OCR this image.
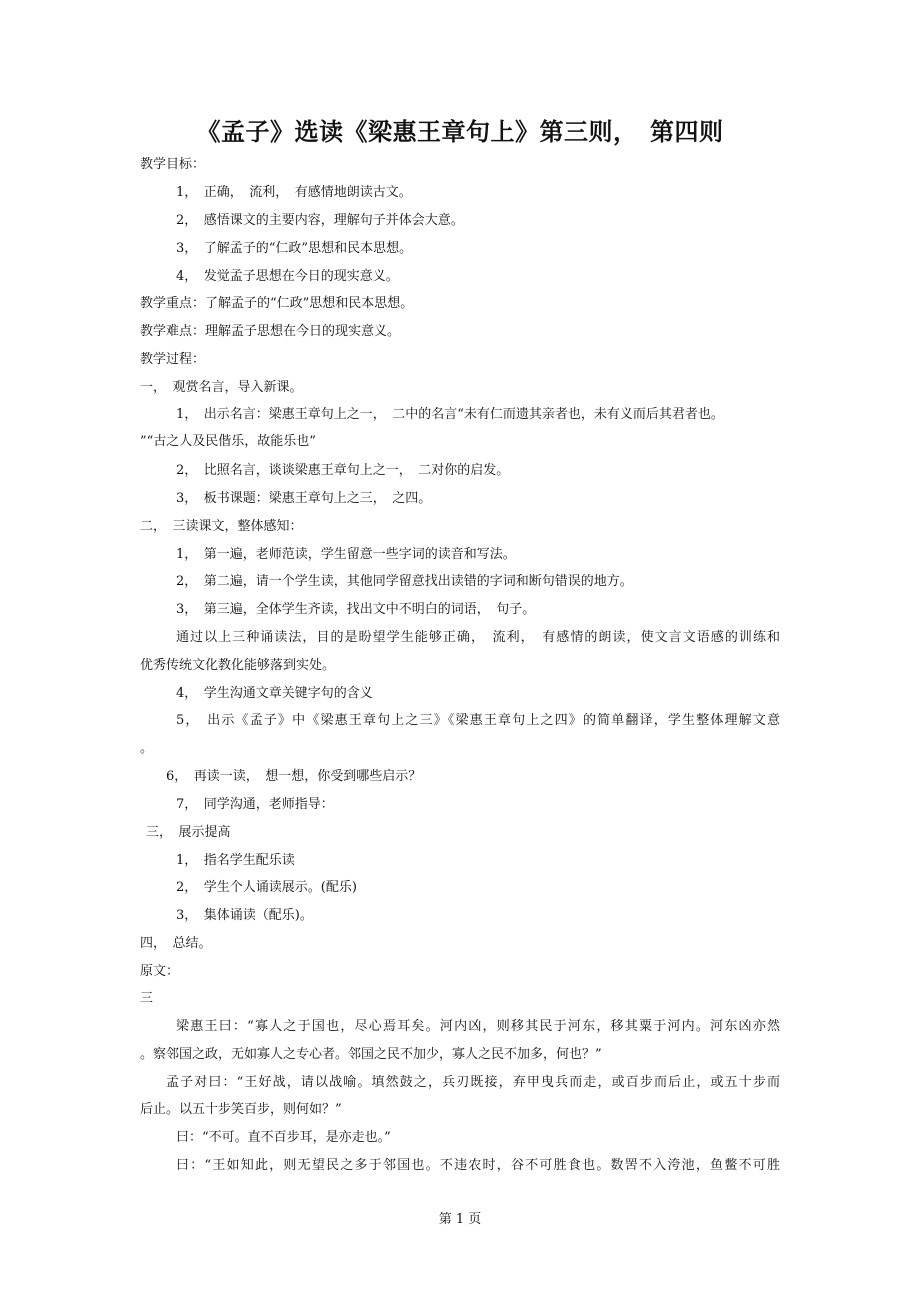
《孟子》选读《梁惠王章句上》第三则，　第四则
教学目标：
1，　正确，　流利，　有感情地朗读古文。
2，　感悟课文的主要内容，理解句子并体会大意。
3，　了解孟子的“仁政”思想和民本思想。
4，　发觉孟子思想在今日的现实意义。
教学重点：了解孟子的“仁政”思想和民本思想。
教学难点：理解孟子思想在今日的现实意义。
教学过程：
一，　观赏名言，导入新课。
1，　出示名言：梁惠王章句上之一，　二中的名言“未有仁而遗其亲者也，未有义而后其君者也。
”“古之人及民偕乐，故能乐也”
2，　比照名言，谈谈梁惠王章句上之一，　二对你的启发。
3，　板书课题：梁惠王章句上之三，　之四。
二，　三读课文，整体感知：
1，　第一遍，老师范读，学生留意一些字词的读音和写法。
2，　第二遍，请一个学生读，其他同学留意找出读错的字词和断句错误的地方。
3，　第三遍，全体学生齐读，找出文中不明白的词语，　句子。
通过以上三种诵读法，目的是盼望学生能够正确，　流利，　有感情的朗读，使文言文语感的训练和
优秀传统文化教化能够落到实处。
4，　学生沟通文章关键字句的含义
5，　出示《孟子》中《梁惠王章句上之三》《梁惠王章句上之四》的简单翻译，学生整体理解文意
。
6，　再读一读，　想一想，你受到哪些启示？
7，　同学沟通，老师指导：
三，　展示提高
1，　指名学生配乐读
2，　学生个人诵读展示。(配乐)
3，　集体诵读（配乐)。
四，　总结。
原文：
三
梁惠王曰：“寡人之于国也，尽心焉耳矣。河内凶，则移其民于河东，移其粟于河内。河东凶亦然
。察邻国之政，无如寡人之专心者。邻国之民不加少，寡人之民不加多，何也？”
孟子对曰：“王好战，请以战喻。填然鼓之，兵刃既接，弃甲曳兵而走，或百步而后止，或五十步而
后止。以五十步笑百步，则何如？”
曰：“不可。直不百步耳，是亦走也。”
曰：“王如知此，则无望民之多于邻国也。不违农时，谷不可胜食也。数罟不入洿池，鱼鳖不可胜
第 1 页
